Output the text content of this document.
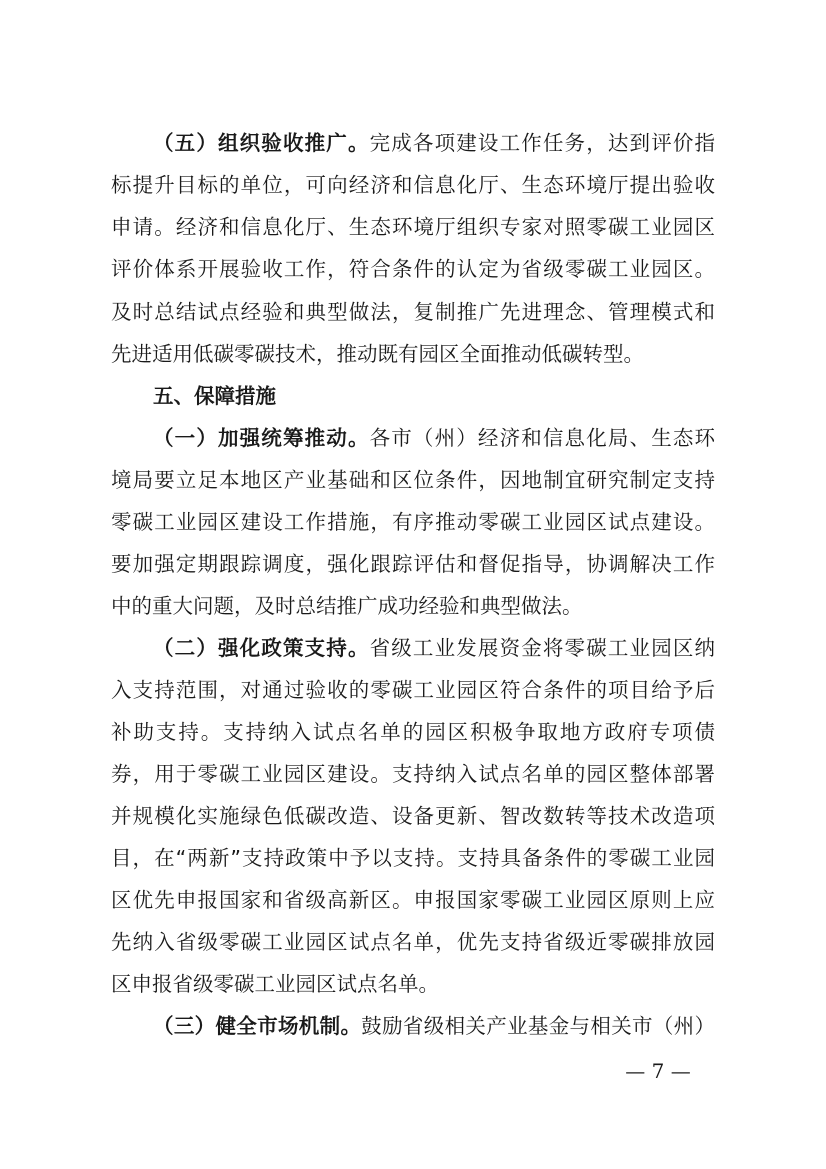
（五）组织验收推广。完成各项建设工作任务，达到评价指
标提升目标的单位，可向经济和信息化厅、生态环境厅提出验收
申请。经济和信息化厅、生态环境厅组织专家对照零碳工业园区
评价体系开展验收工作，符合条件的认定为省级零碳工业园区。
及时总结试点经验和典型做法，复制推广先进理念、管理模式和
先进适用低碳零碳技术，推动既有园区全面推动低碳转型。
五、保障措施
（一）加强统筹推动。各市（州）经济和信息化局、生态环
境局要立足本地区产业基础和区位条件，因地制宜研究制定支持
零碳工业园区建设工作措施，有序推动零碳工业园区试点建设。
要加强定期跟踪调度，强化跟踪评估和督促指导，协调解决工作
中的重大问题，及时总结推广成功经验和典型做法。
（二）强化政策支持。省级工业发展资金将零碳工业园区纳
入支持范围，对通过验收的零碳工业园区符合条件的项目给予后
补助支持。支持纳入试点名单的园区积极争取地方政府专项债
券，用于零碳工业园区建设。支持纳入试点名单的园区整体部署
并规模化实施绿色低碳改造、设备更新、智改数转等技术改造项
目，在“两新”支持政策中予以支持。支持具备条件的零碳工业园
区优先申报国家和省级高新区。申报国家零碳工业园区原则上应
先纳入省级零碳工业园区试点名单，优先支持省级近零碳排放园
区申报省级零碳工业园区试点名单。
（三）健全市场机制。鼓励省级相关产业基金与相关市（州）
— 7 —
